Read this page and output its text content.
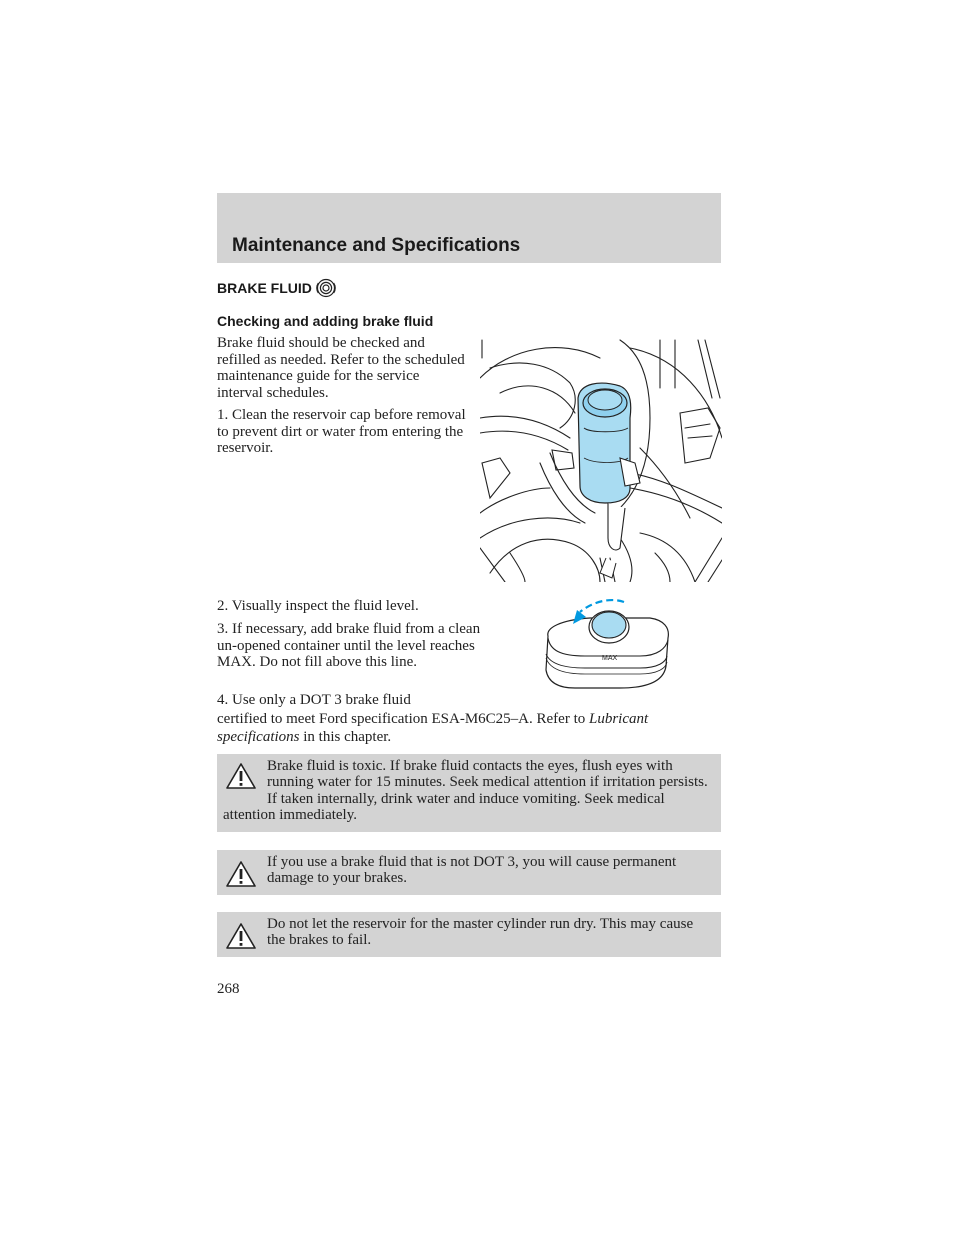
Maintenance and Specifications
BRAKE FLUID
Checking and adding brake fluid
Brake fluid should be checked and refilled as needed. Refer to the scheduled maintenance guide for the service interval schedules.
1. Clean the reservoir cap before removal to prevent dirt or water from entering the reservoir.
2. Visually inspect the fluid level.
3. If necessary, add brake fluid from a clean un-opened container until the level reaches MAX. Do not fill above this line.	MAX
4. Use only a DOT 3 brake fluid
certified to meet Ford specification ESA-M6C25–A. Refer to Lubricant specifications in this chapter.
Brake fluid is toxic. If brake fluid contacts the eyes, flush eyes with running water for 15 minutes. Seek medical attention if irritation persists. If taken internally, drink water and induce vomiting. Seek medical attention immediately.
If you use a brake fluid that is not DOT 3, you will cause permanent damage to your brakes.
Do not let the reservoir for the master cylinder run dry. This may cause the brakes to fail.
268
